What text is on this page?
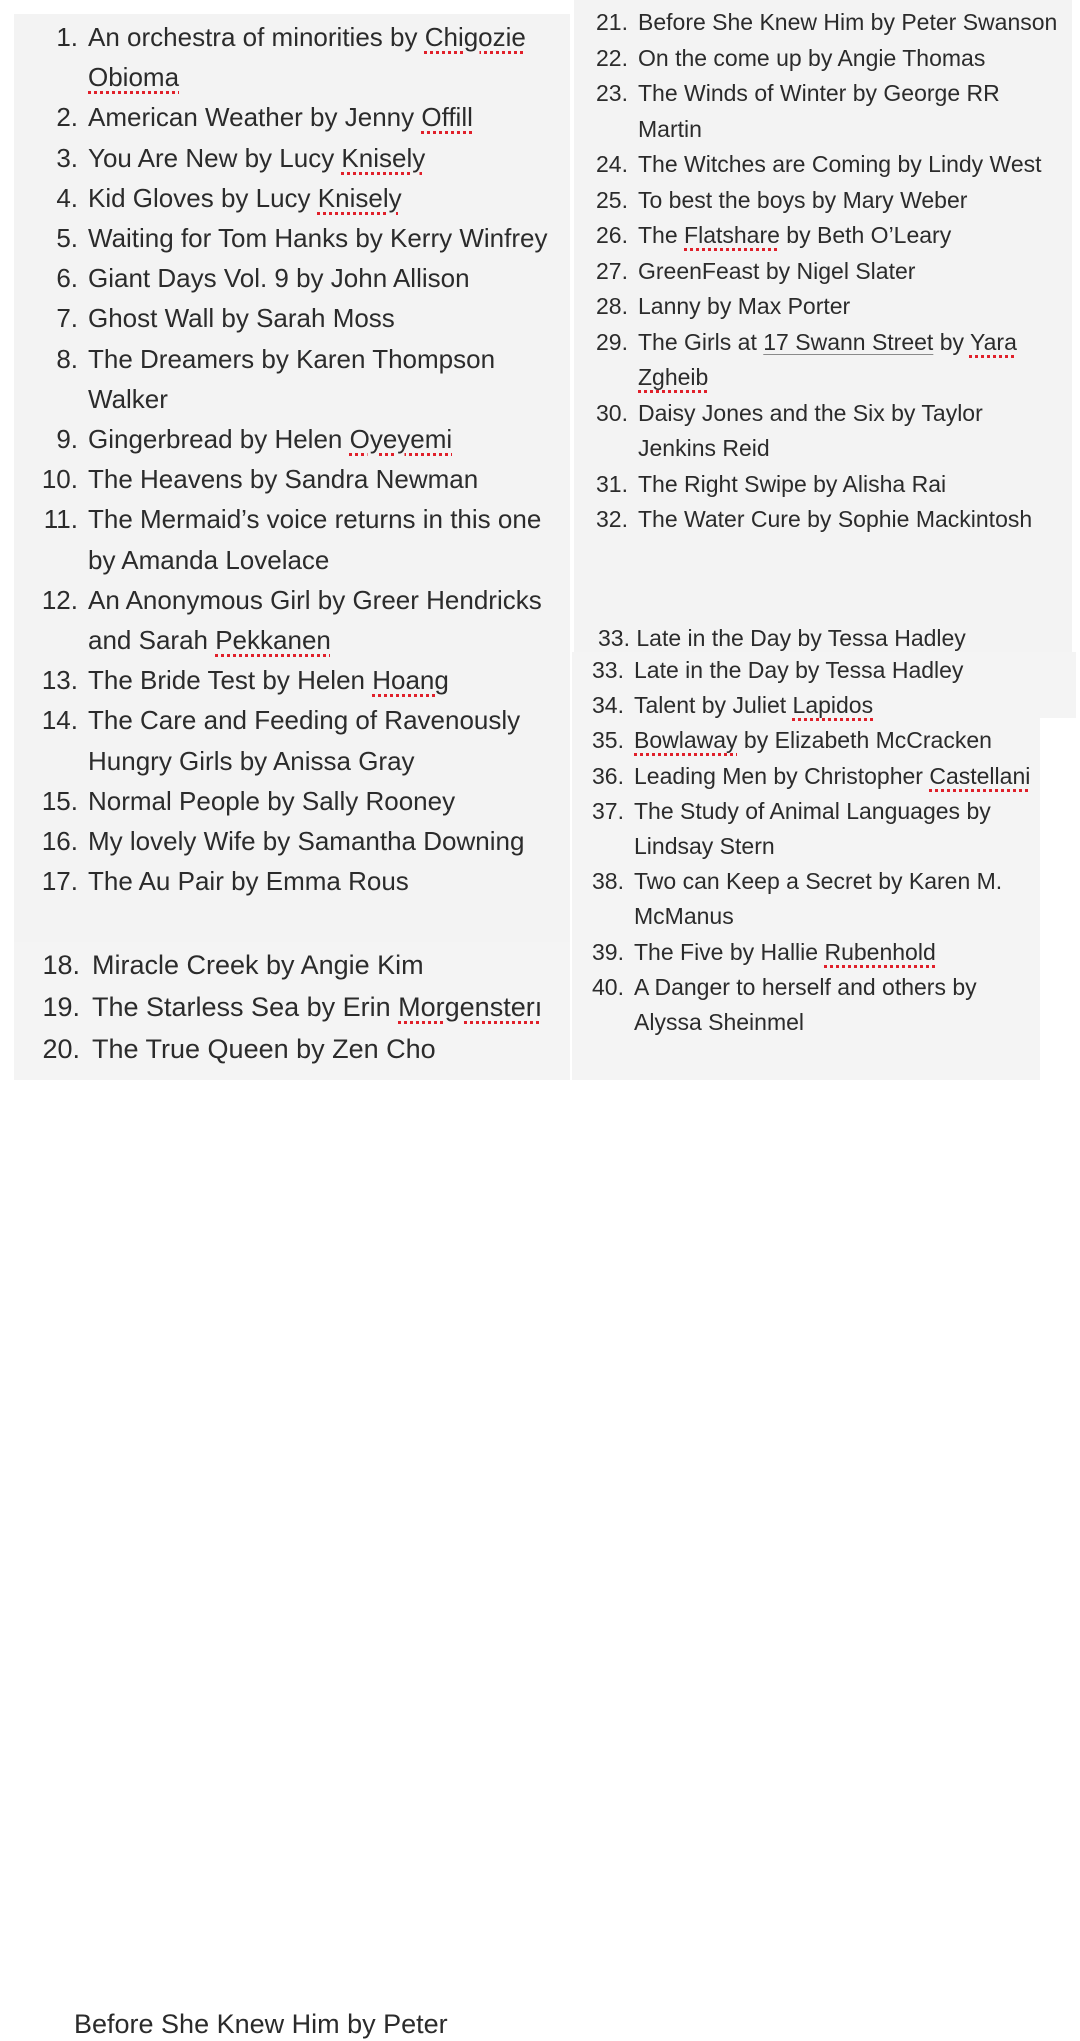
1. An orchestra of minorities by Chigozie Obioma
2. American Weather by Jenny Offill
3. You Are New by Lucy Knisely
4. Kid Gloves by Lucy Knisely
5. Waiting for Tom Hanks by Kerry Winfrey
6. Giant Days Vol. 9 by John Allison
7. Ghost Wall by Sarah Moss
8. The Dreamers by Karen Thompson Walker
9. Gingerbread by Helen Oyeyemi
10. The Heavens by Sandra Newman
11. The Mermaid’s voice returns in this one by Amanda Lovelace
12. An Anonymous Girl by Greer Hendricks and Sarah Pekkanen
13. The Bride Test by Helen Hoang
14. The Care and Feeding of Ravenously Hungry Girls by Anissa Gray
15. Normal People by Sally Rooney
16. My lovely Wife by Samantha Downing
17. The Au Pair by Emma Rous
18. Miracle Creek by Angie Kim
19. The Starless Sea by Erin Morgensterı
20. The True Queen by Zen Cho
Before She Knew Him by Peter
21. Before She Knew Him by Peter Swanson
22. On the come up by Angie Thomas
23. The Winds of Winter by George RR Martin
24. The Witches are Coming by Lindy West
25. To best the boys by Mary Weber
26. The Flatshare by Beth O’Leary
27. GreenFeast by Nigel Slater
28. Lanny by Max Porter
29. The Girls at 17 Swann Street by Yara Zgheib
30. Daisy Jones and the Six by Taylor Jenkins Reid
31. The Right Swipe by Alisha Rai
32. The Water Cure by Sophie Mackintosh
33. Late in the Day by Tessa Hadley
33. Late in the Day by Tessa Hadley
34. Talent by Juliet Lapidos
35. Bowlaway by Elizabeth McCracken
36. Leading Men by Christopher Castellani
37. The Study of Animal Languages by Lindsay Stern
38. Two can Keep a Secret by Karen M. McManus
39. The Five by Hallie Rubenhold
40. A Danger to herself and others by Alyssa Sheinmel
